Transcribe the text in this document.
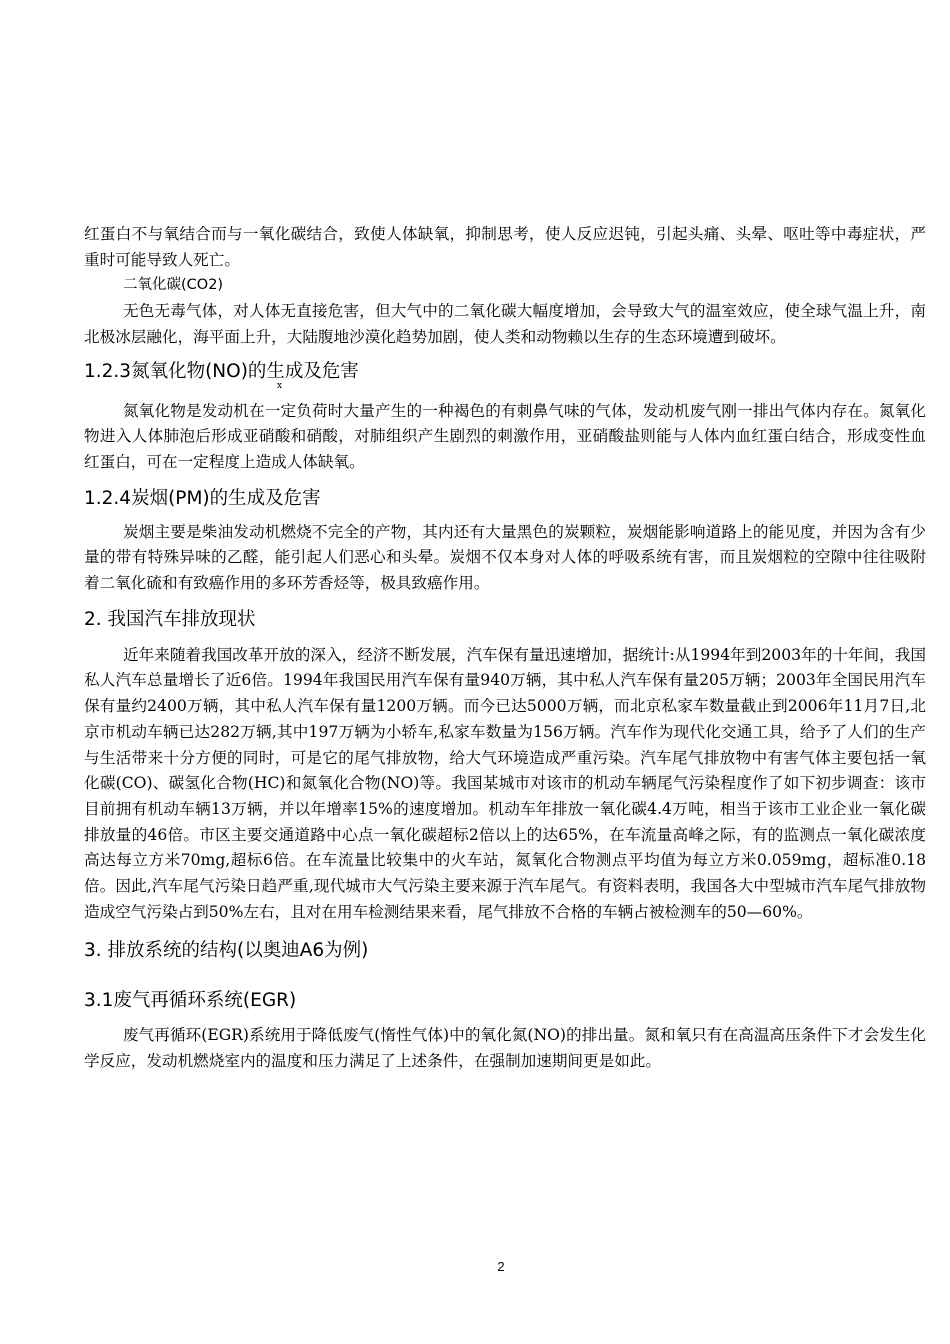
红蛋白不与氧结合而与一氧化碳结合，致使人体缺氧，抑制思考，使人反应迟钝，引起头痛、头晕、呕吐等中毒症状，严重时可能导致人死亡。

二氧化碳(CO2)

无色无毒气体，对人体无直接危害，但大气中的二氧化碳大幅度增加，会导致大气的温室效应，使全球气温上升，南北极冰层融化，海平面上升，大陆腹地沙漠化趋势加剧，使人类和动物赖以生存的生态环境遭到破坏。

1.2.3氮氧化物(NO)的生成及危害
x

氮氧化物是发动机在一定负荷时大量产生的一种褐色的有刺鼻气味的气体，发动机废气刚一排出气体内存在。氮氧化物进入人体肺泡后形成亚硝酸和硝酸，对肺组织产生剧烈的刺激作用，亚硝酸盐则能与人体内血红蛋白结合，形成变性血红蛋白，可在一定程度上造成人体缺氧。

1.2.4炭烟(PM)的生成及危害

炭烟主要是柴油发动机燃烧不完全的产物，其内还有大量黑色的炭颗粒，炭烟能影响道路上的能见度，并因为含有少量的带有特殊异味的乙醛，能引起人们恶心和头晕。炭烟不仅本身对人体的呼吸系统有害，而且炭烟粒的空隙中往往吸附着二氧化硫和有致癌作用的多环芳香烃等，极具致癌作用。

2. 我国汽车排放现状

近年来随着我国改革开放的深入，经济不断发展，汽车保有量迅速增加，据统计:从1994年到2003年的十年间，我国私人汽车总量增长了近6倍。1994年我国民用汽车保有量940万辆，其中私人汽车保有量205万辆；2003年全国民用汽车保有量约2400万辆，其中私人汽车保有量1200万辆。而今已达5000万辆，而北京私家车数量截止到2006年11月7日,北京市机动车辆已达282万辆,其中197万辆为小轿车,私家车数量为156万辆。汽车作为现代化交通工具，给予了人们的生产与生活带来十分方便的同时，可是它的尾气排放物，给大气环境造成严重污染。汽车尾气排放物中有害气体主要包括一氧化碳(CO)、碳氢化合物(HC)和氮氧化合物(NO)等。我国某城市对该市的机动车辆尾气污染程度作了如下初步调查：该市目前拥有机动车辆13万辆，并以年增率15%的速度增加。机动车年排放一氧化碳4.4万吨，相当于该市工业企业一氧化碳排放量的46倍。市区主要交通道路中心点一氧化碳超标2倍以上的达65%，在车流量高峰之际，有的监测点一氧化碳浓度高达每立方米70mg,超标6倍。在车流量比较集中的火车站，氮氧化合物测点平均值为每立方米0.059mg，超标准0.18倍。因此,汽车尾气污染日趋严重,现代城市大气污染主要来源于汽车尾气。有资料表明，我国各大中型城市汽车尾气排放物造成空气污染占到50%左右，且对在用车检测结果来看，尾气排放不合格的车辆占被检测车的50—60%。

3. 排放系统的结构(以奥迪A6为例)
3.1废气再循环系统(EGR)

废气再循环(EGR)系统用于降低废气(惰性气体)中的氧化氮(NO)的排出量。氮和氧只有在高温高压条件下才会发生化学反应，发动机燃烧室内的温度和压力满足了上述条件，在强制加速期间更是如此。

2
